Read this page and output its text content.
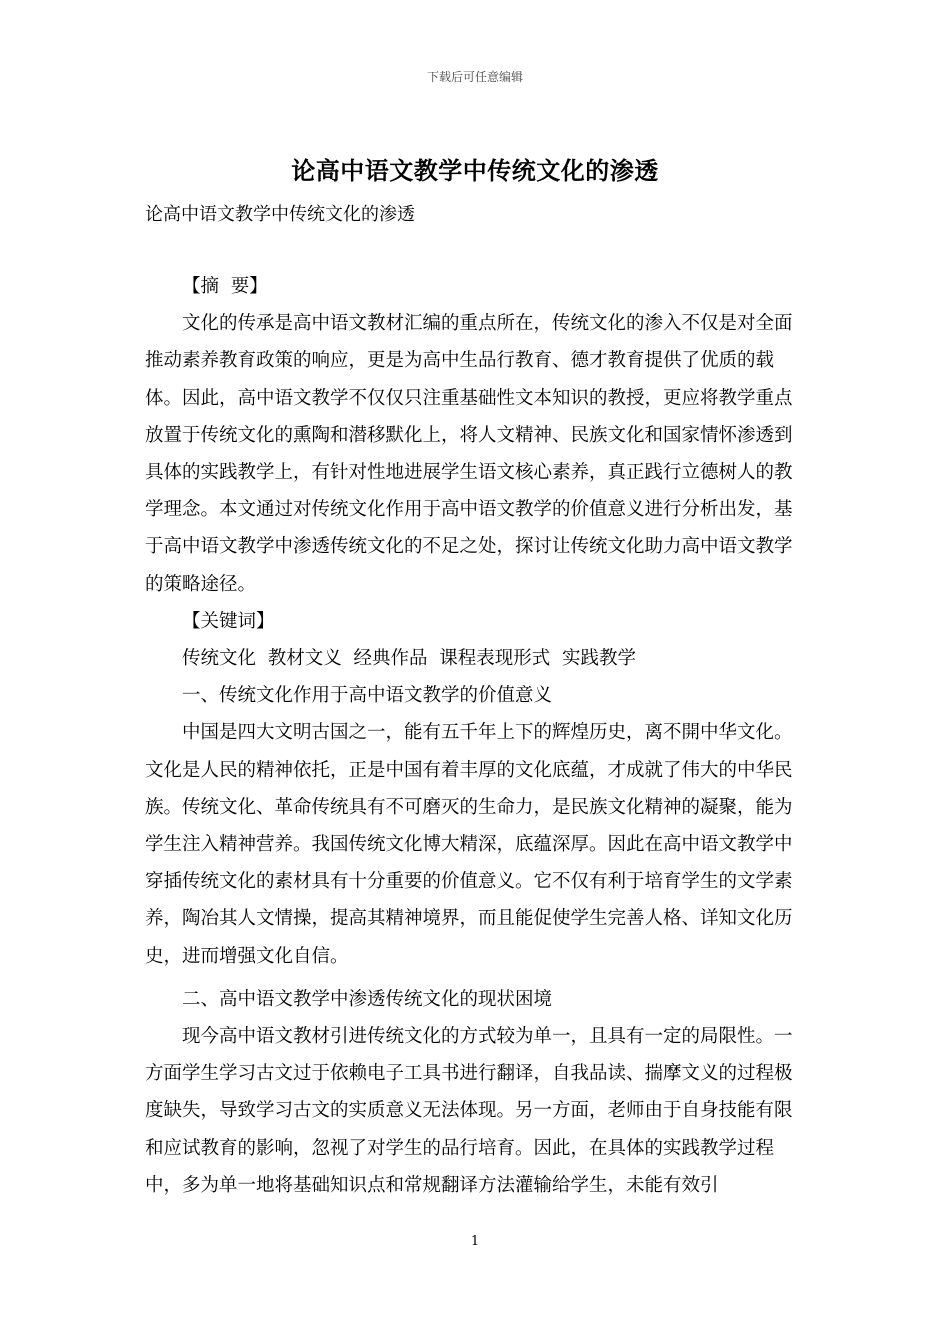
下载后可任意编辑
论高中语文教学中传统文化的渗透
论高中语文教学中传统文化的渗透

【摘  要】

文化的传承是高中语文教材汇编的重点所在，传统文化的渗入不仅是对全面推动素养教育政策的响应，更是为高中生品行教育、德才教育提供了优质的载体。因此，高中语文教学不仅仅只注重基础性文本知识的教授，更应将教学重点放置于传统文化的熏陶和潜移默化上，将人文精神、民族文化和国家情怀渗透到具体的实践教学上，有针对性地进展学生语文核心素养，真正践行立德树人的教学理念。本文通过对传统文化作用于高中语文教学的价值意义进行分析出发，基于高中语文教学中渗透传统文化的不足之处，探讨让传统文化助力高中语文教学的策略途径。

【关键词】

传统文化  教材文义  经典作品  课程表现形式  实践教学

一、传统文化作用于高中语文教学的价值意义

中国是四大文明古国之一，能有五千年上下的辉煌历史，离不開中华文化。文化是人民的精神依托，正是中国有着丰厚的文化底蕴，才成就了伟大的中华民族。传统文化、革命传统具有不可磨灭的生命力，是民族文化精神的凝聚，能为学生注入精神营养。我国传统文化博大精深，底蕴深厚。因此在高中语文教学中穿插传统文化的素材具有十分重要的价值意义。它不仅有利于培育学生的文学素养，陶冶其人文情操，提高其精神境界，而且能促使学生完善人格、详知文化历史，进而增强文化自信。

二、高中语文教学中渗透传统文化的现状困境

现今高中语文教材引进传统文化的方式较为单一，且具有一定的局限性。一方面学生学习古文过于依赖电子工具书进行翻译，自我品读、揣摩文义的过程极度缺失，导致学习古文的实质意义无法体现。另一方面，老师由于自身技能有限和应试教育的影响，忽视了对学生的品行培育。因此，在具体的实践教学过程中，多为单一地将基础知识点和常规翻译方法灌输给学生，未能有效引

1
